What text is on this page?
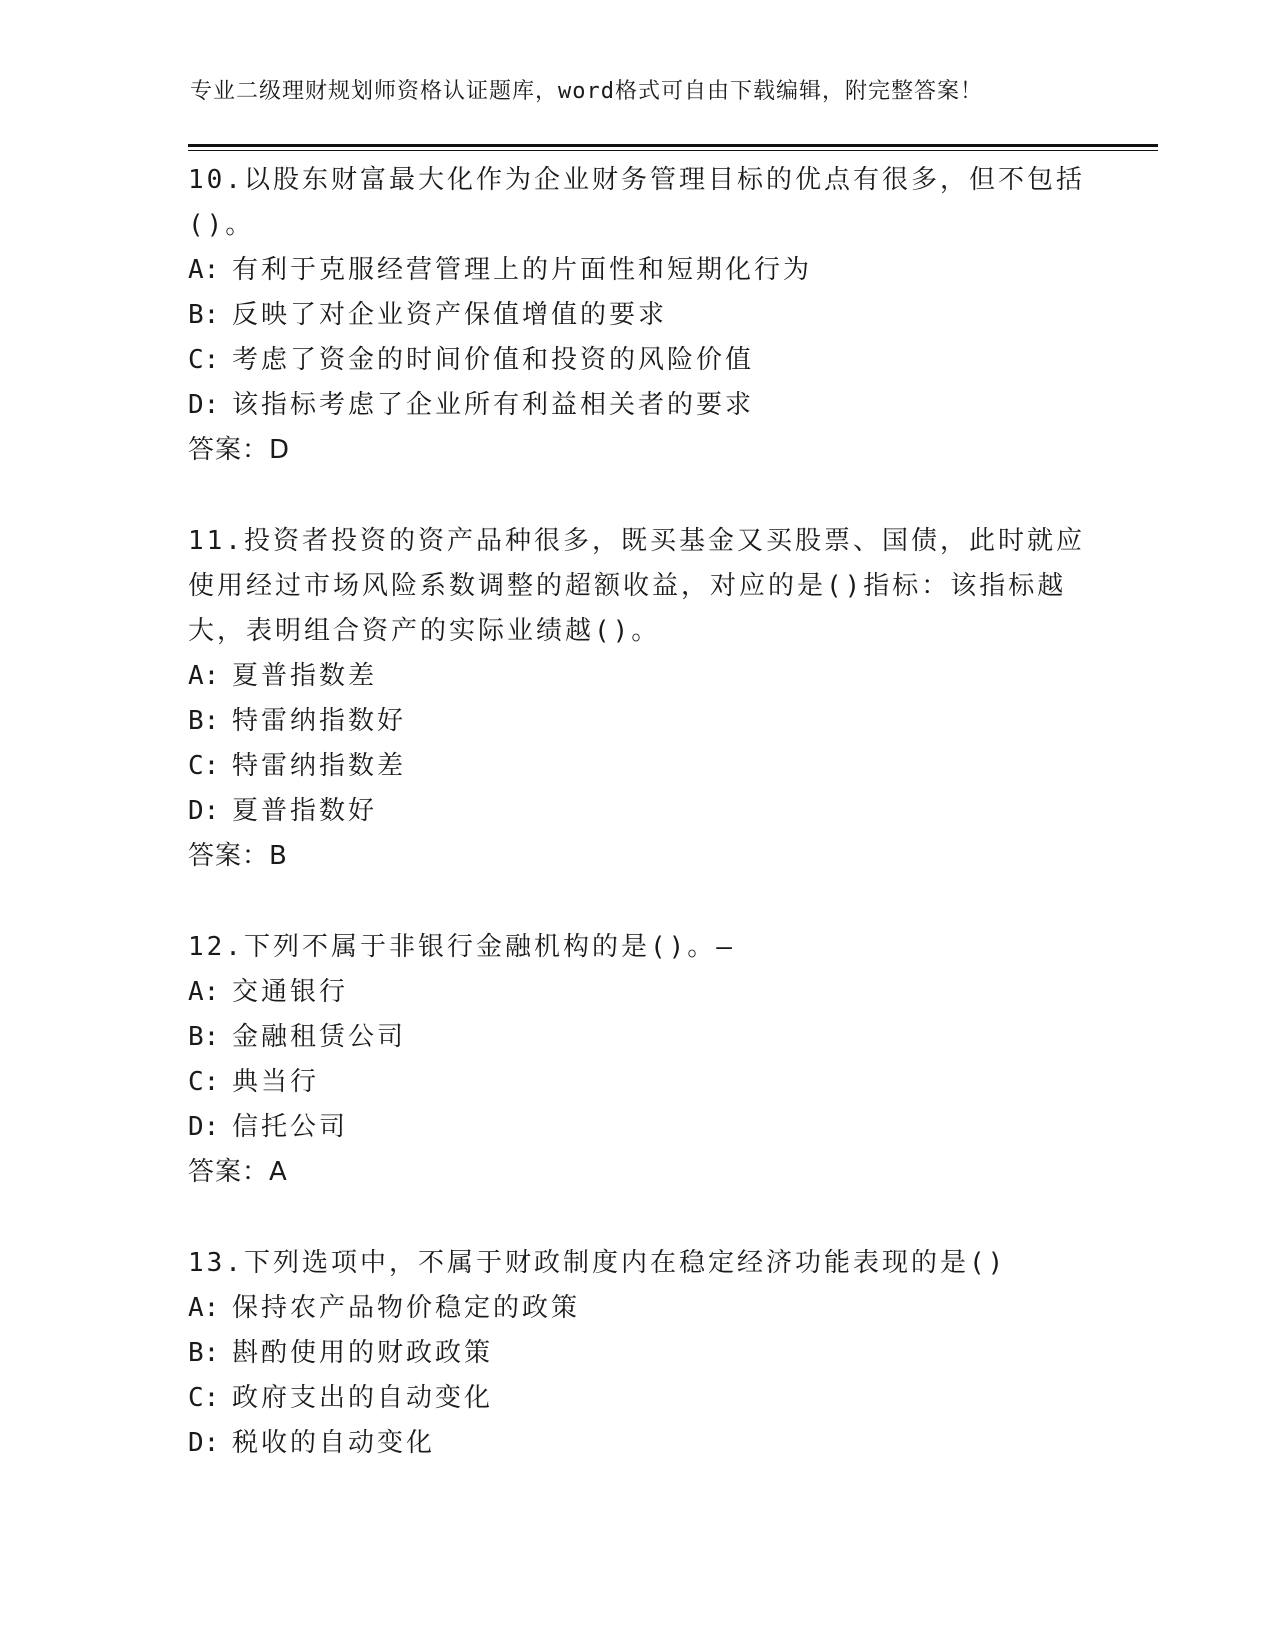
专业二级理财规划师资格认证题库，word格式可自由下载编辑，附完整答案！

10.以股东财富最大化作为企业财务管理目标的优点有很多，但不包括()。

A: 有利于克服经营管理上的片面性和短期化行为

B: 反映了对企业资产保值增值的要求

C: 考虑了资金的时间价值和投资的风险价值

D: 该指标考虑了企业所有利益相关者的要求

答案：D

11.投资者投资的资产品种很多，既买基金又买股票、国债，此时就应使用经过市场风险系数调整的超额收益，对应的是()指标：该指标越大，表明组合资产的实际业绩越()。

A: 夏普指数差

B: 特雷纳指数好

C: 特雷纳指数差

D: 夏普指数好

答案：B

12.下列不属于非银行金融机构的是()。—

A: 交通银行

B: 金融租赁公司

C: 典当行

D: 信托公司

答案：A

13.下列选项中，不属于财政制度内在稳定经济功能表现的是()

A: 保持农产品物价稳定的政策

B: 斟酌使用的财政政策

C: 政府支出的自动变化

D: 税收的自动变化
